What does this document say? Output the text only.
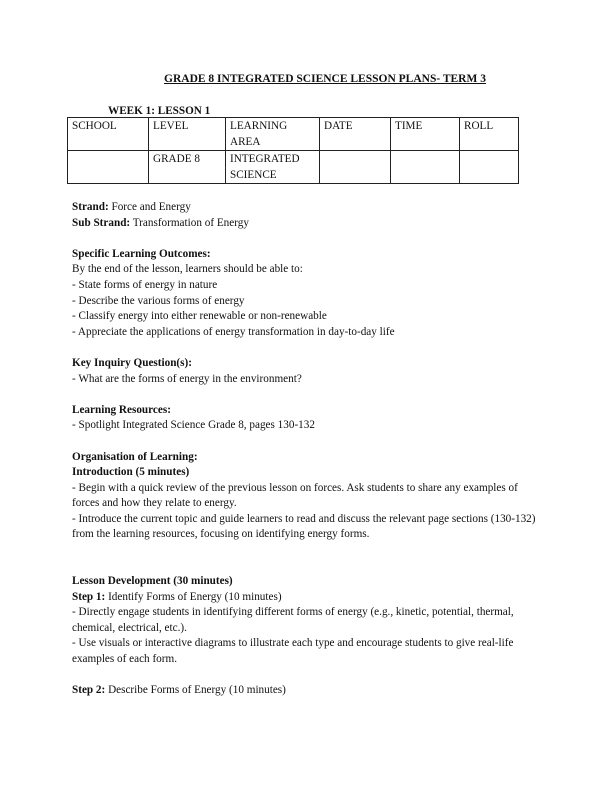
GRADE 8 INTEGRATED SCIENCE LESSON PLANS- TERM 3
WEEK 1: LESSON 1
SCHOOL	LEVEL	LEARNING AREA	DATE	TIME	ROLL
	GRADE 8	INTEGRATED SCIENCE			

Strand: Force and Energy

Sub Strand: Transformation of Energy

Specific Learning Outcomes:

By the end of the lesson, learners should be able to:

- State forms of energy in nature

- Describe the various forms of energy

- Classify energy into either renewable or non-renewable

- Appreciate the applications of energy transformation in day-to-day life

Key Inquiry Question(s):

- What are the forms of energy in the environment?

Learning Resources:

- Spotlight Integrated Science Grade 8, pages 130-132

Organisation of Learning:

Introduction (5 minutes)

- Begin with a quick review of the previous lesson on forces. Ask students to share any examples of forces and how they relate to energy.

- Introduce the current topic and guide learners to read and discuss the relevant page sections (130-132) from the learning resources, focusing on identifying energy forms.

Lesson Development (30 minutes)

Step 1: Identify Forms of Energy (10 minutes)

- Directly engage students in identifying different forms of energy (e.g., kinetic, potential, thermal, chemical, electrical, etc.).

- Use visuals or interactive diagrams to illustrate each type and encourage students to give real-life examples of each form.

Step 2: Describe Forms of Energy (10 minutes)
